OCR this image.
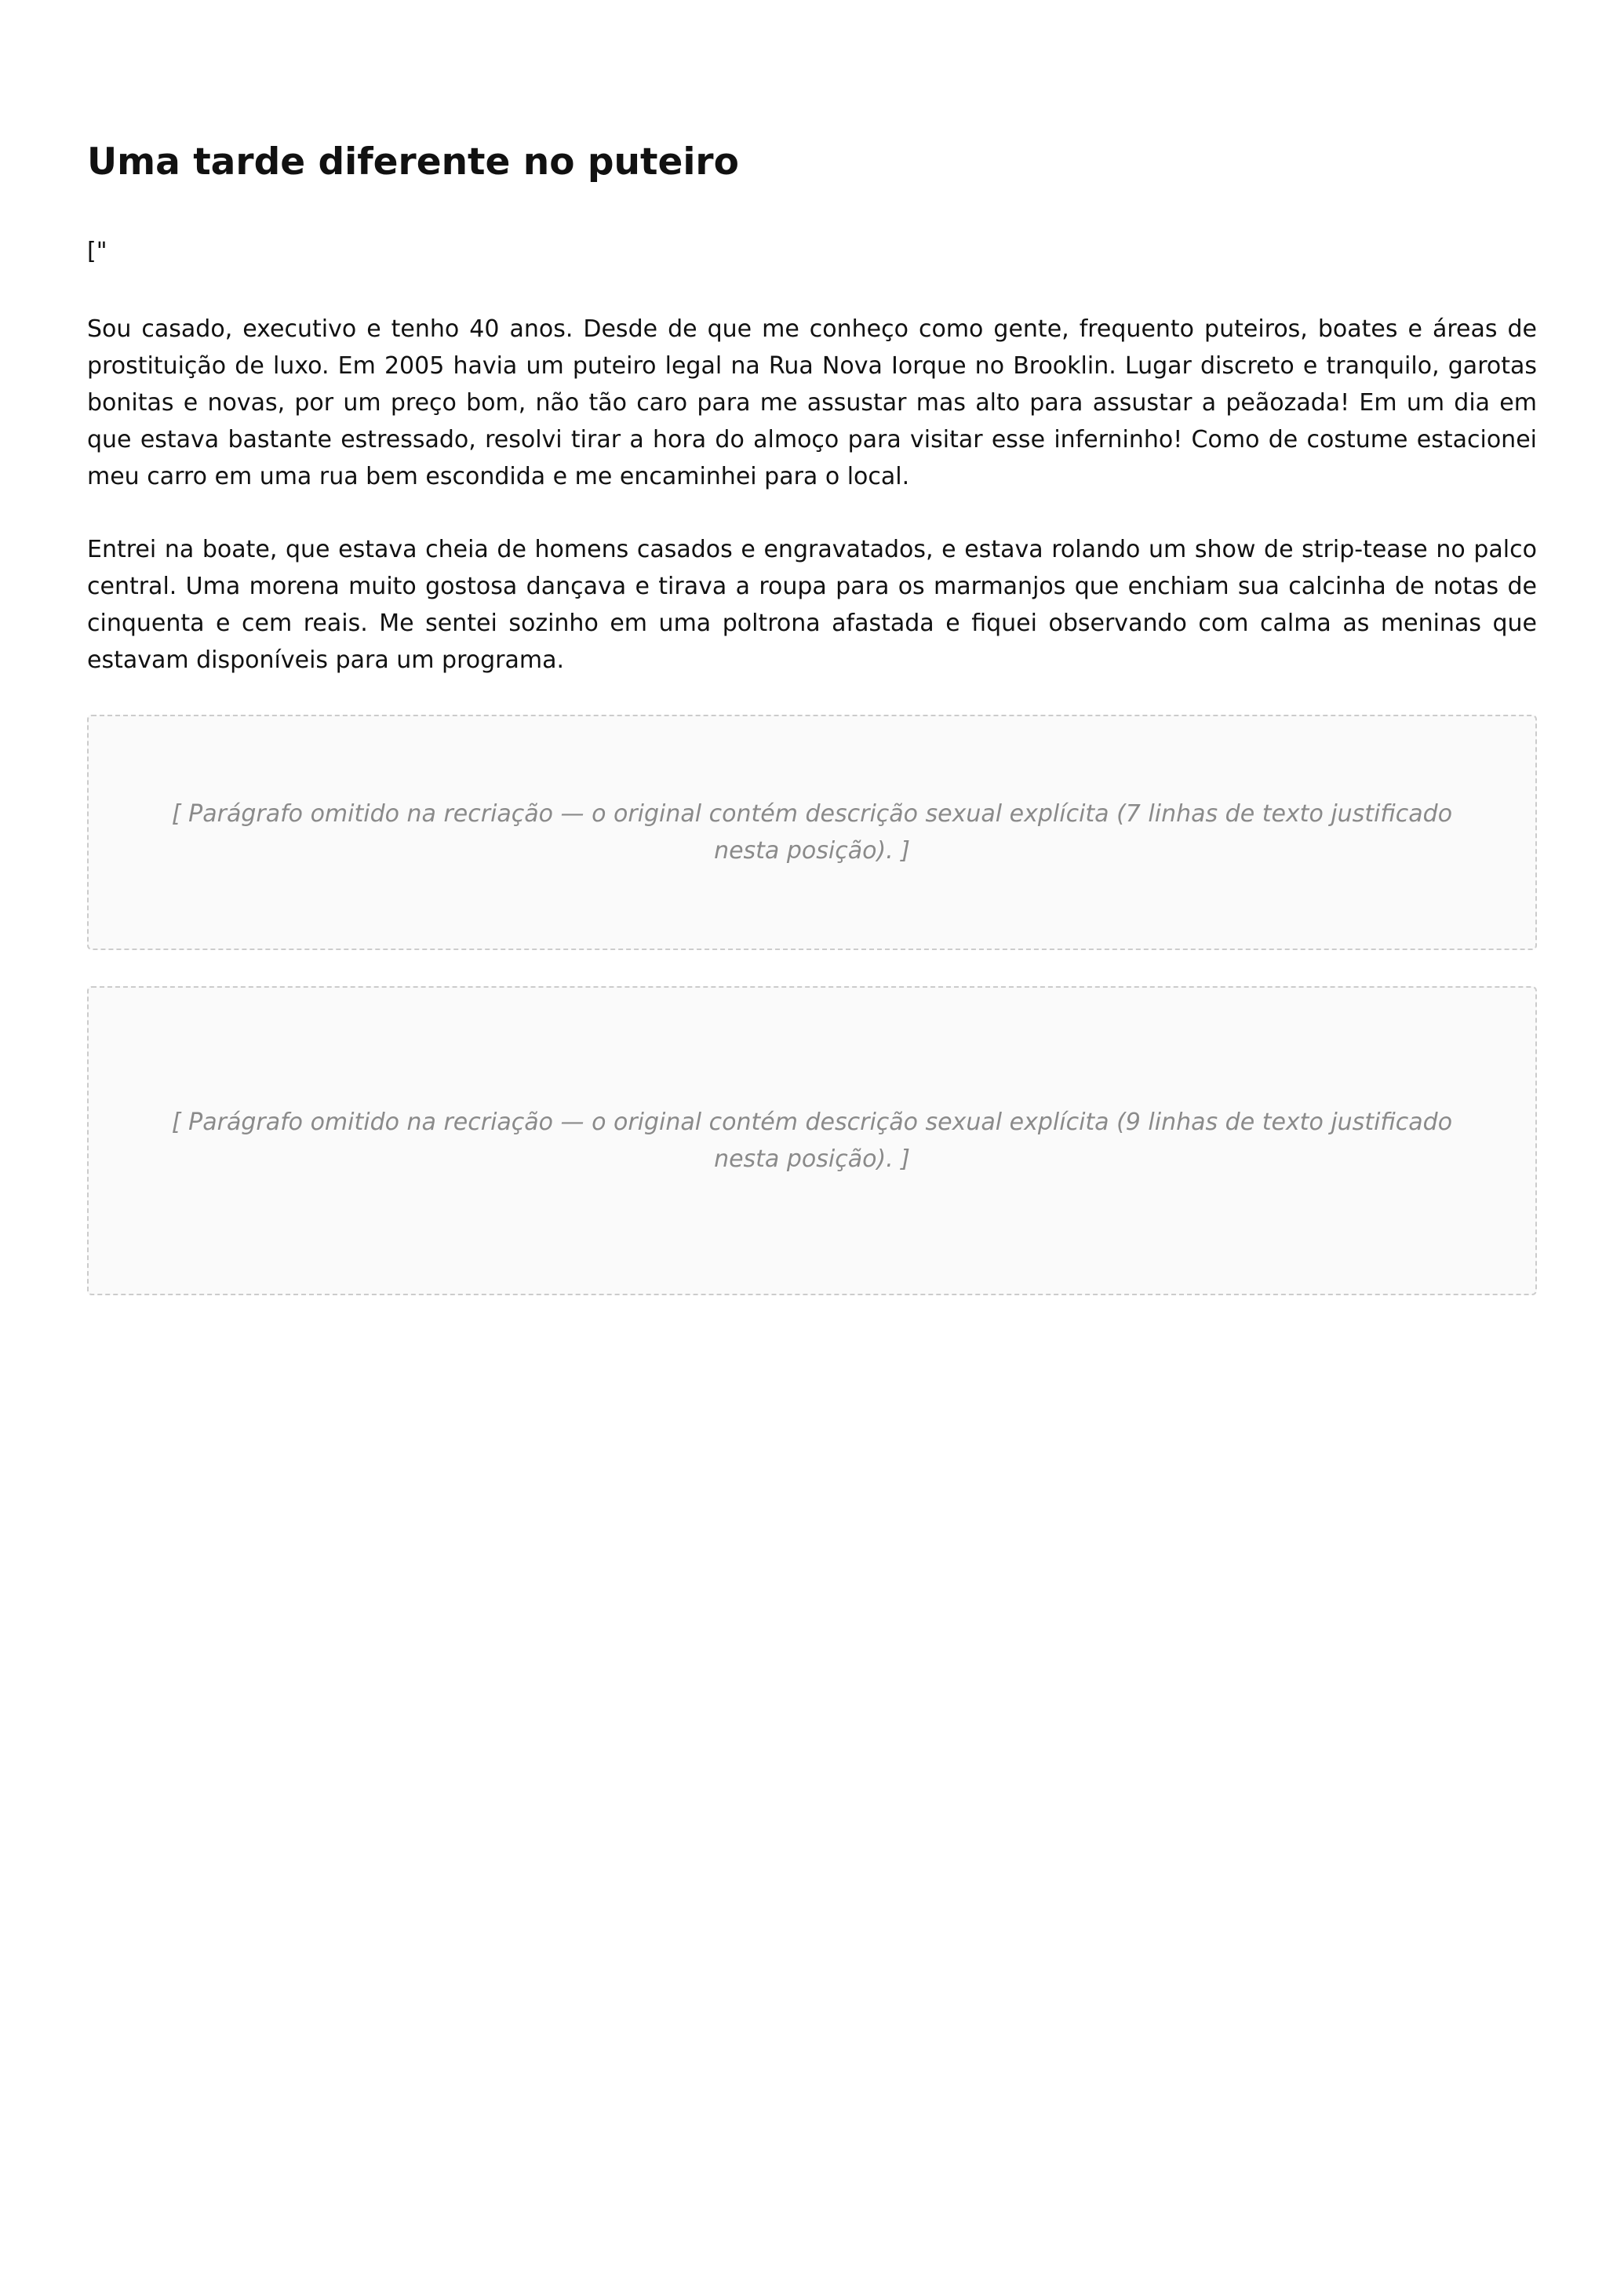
Uma tarde diferente no puteiro

["

Sou casado, executivo e tenho 40 anos. Desde de que me conheço como gente, frequento puteiros, boates e áreas de prostituição de luxo. Em 2005 havia um puteiro legal na Rua Nova Iorque no Brooklin. Lugar discreto e tranquilo, garotas bonitas e novas, por um preço bom, não tão caro para me assustar mas alto para assustar a peãozada! Em um dia em que estava bastante estressado, resolvi tirar a hora do almoço para visitar esse inferninho! Como de costume estacionei meu carro em uma rua bem escondida e me encaminhei para o local.

Entrei na boate, que estava cheia de homens casados e engravatados, e estava rolando um show de strip-tease no palco central. Uma morena muito gostosa dançava e tirava a roupa para os marmanjos que enchiam sua calcinha de notas de cinquenta e cem reais. Me sentei sozinho em uma poltrona afastada e fiquei observando com calma as meninas que estavam disponíveis para um programa.

[ Parágrafo omitido na recriação — o original contém descrição sexual explícita (7 linhas de texto justificado nesta posição). ]

[ Parágrafo omitido na recriação — o original contém descrição sexual explícita (9 linhas de texto justificado nesta posição). ]
